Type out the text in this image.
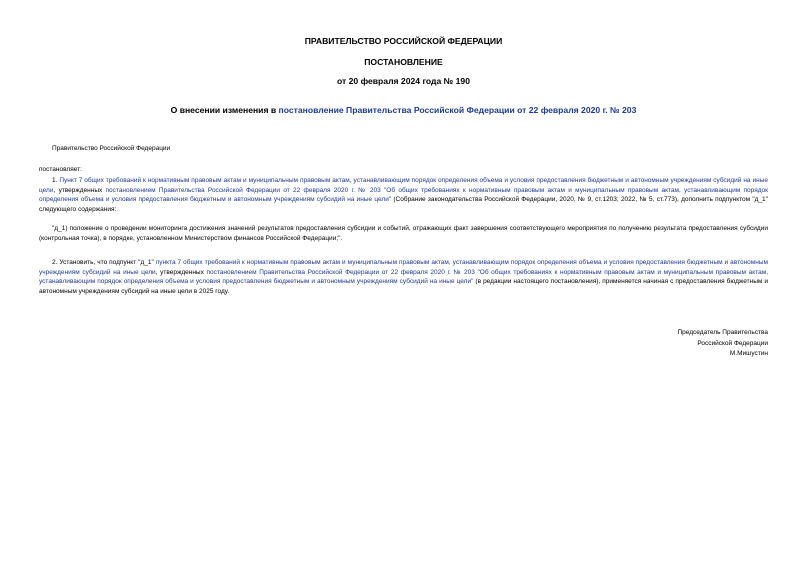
ПРАВИТЕЛЬСТВО РОССИЙСКОЙ ФЕДЕРАЦИИ
ПОСТАНОВЛЕНИЕ
от 20 февраля 2024 года № 190
О внесении изменения в постановление Правительства Российской Федерации от 22 февраля 2020 г. № 203
Правительство Российской Федерации
постановляет:
1. Пункт 7 общих требований к нормативным правовым актам и муниципальным правовым актам, устанавливающим порядок определения объема и условия предоставления бюджетным и автономным учреждениям субсидий на иные цели, утвержденных постановлением Правительства Российской Федерации от 22 февраля 2020 г. № 203 "Об общих требованиях к нормативным правовым актам и муниципальным правовым актам, устанавливающим порядок определения объема и условия предоставления бюджетным и автономным учреждениям субсидий на иные цели" (Собрание законодательства Российской Федерации, 2020, № 9, ст.1203; 2022, № 5, ст.773), дополнить подпунктом "д_1" следующего содержания:
"д_1) положение о проведении мониторинга достижения значений результатов предоставления субсидии и событий, отражающих факт завершения соответствующего мероприятия по получению результата предоставления субсидии (контрольная точка), в порядке, установленном Министерством финансов Российской Федерации;".
2. Установить, что подпункт "д_1" пункта 7 общих требований к нормативным правовым актам и муниципальным правовым актам, устанавливающим порядок определения объема и условия предоставления бюджетным и автономным учреждениям субсидий на иные цели, утвержденных постановлением Правительства Российской Федерации от 22 февраля 2020 г. № 203 "Об общих требованиях к нормативным правовым актам и муниципальным правовым актам, устанавливающим порядок определения объема и условия предоставления бюджетным и автономным учреждениям субсидий на иные цели" (в редакции настоящего постановления), применяется начиная с предоставления бюджетным и автономным учреждениям субсидий на иные цели в 2025 году.
Председатель Правительства
Российской Федерации
М.Мишустин
